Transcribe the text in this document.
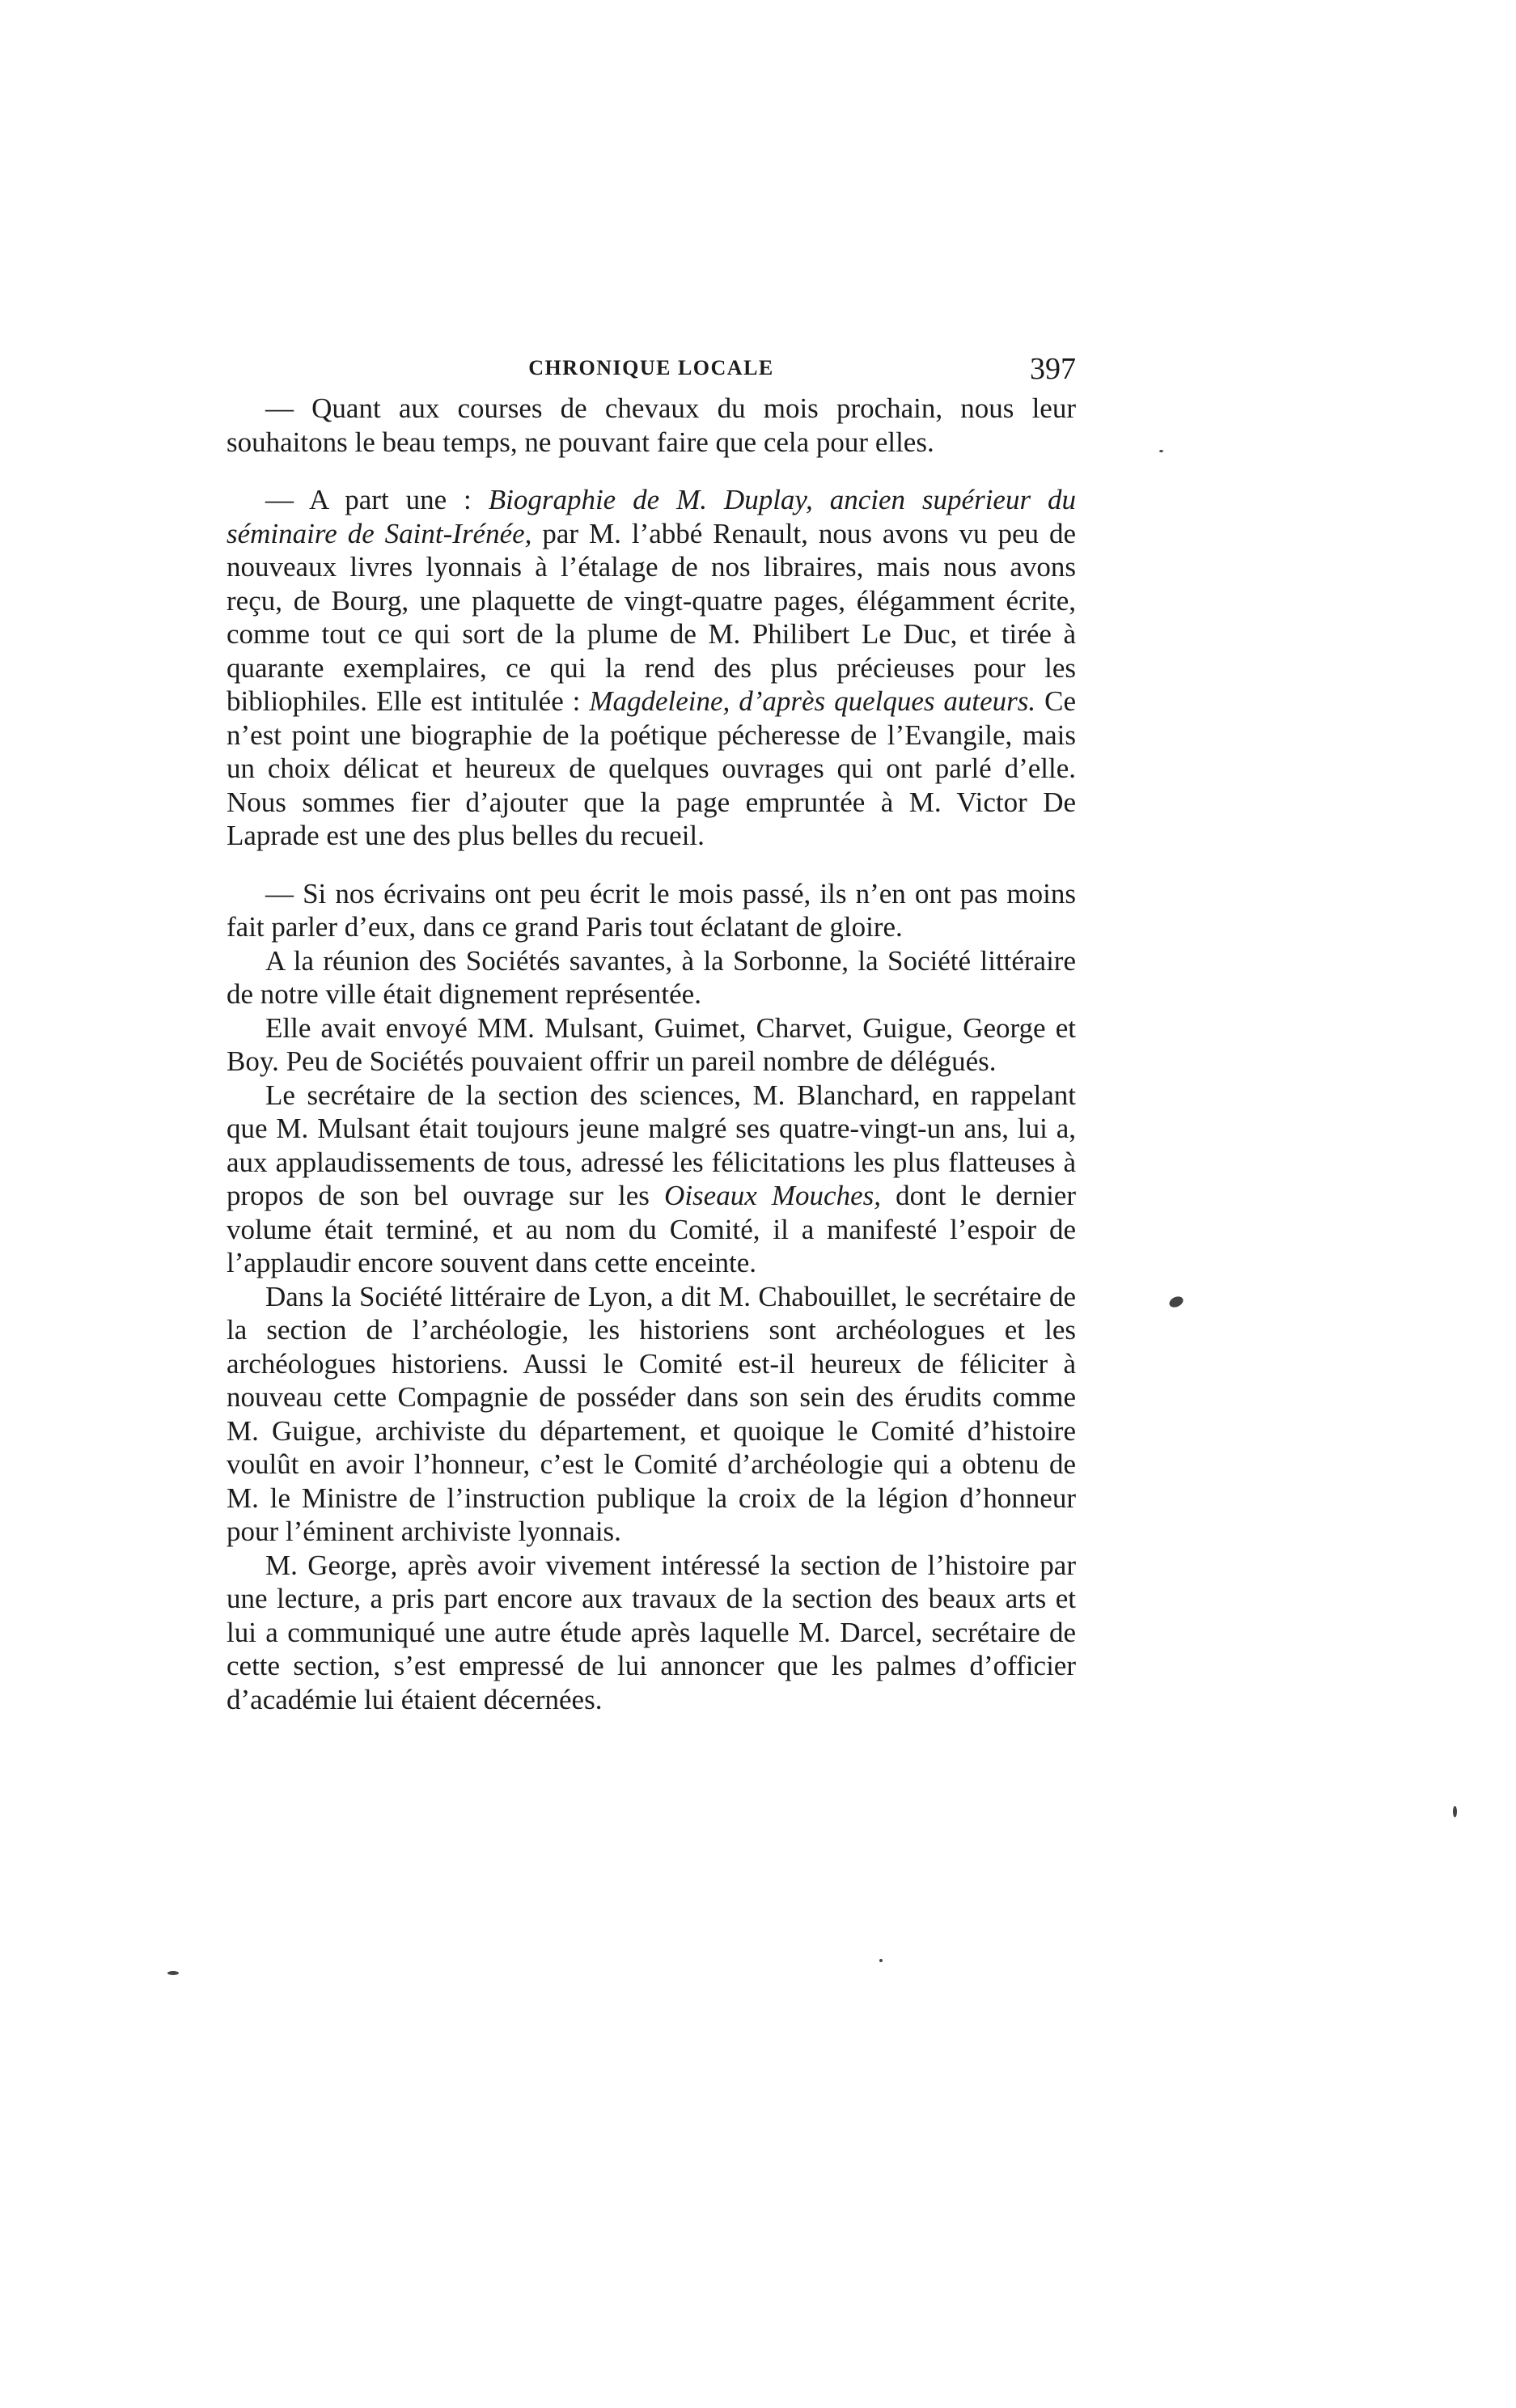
CHRONIQUE LOCALE	397

— Quant aux courses de chevaux du mois prochain, nous leur souhaitons le beau temps, ne pouvant faire que cela pour elles.

— A part une : Biographie de M. Duplay, ancien supérieur du séminaire de Saint-Irénée, par M. l’abbé Renault, nous avons vu peu de nouveaux livres lyonnais à l’étalage de nos libraires, mais nous avons reçu, de Bourg, une plaquette de vingt-quatre pages, élégamment écrite, comme tout ce qui sort de la plume de M. Philibert Le Duc, et tirée à quarante exemplaires, ce qui la rend des plus précieuses pour les bibliophiles. Elle est intitulée : Magdeleine, d’après quelques auteurs. Ce n’est point une biographie de la poétique pécheresse de l’Evangile, mais un choix délicat et heureux de quelques ouvrages qui ont parlé d’elle. Nous sommes fier d’ajouter que la page empruntée à M. Victor De Laprade est une des plus belles du recueil.

— Si nos écrivains ont peu écrit le mois passé, ils n’en ont pas moins fait parler d’eux, dans ce grand Paris tout éclatant de gloire.

A la réunion des Sociétés savantes, à la Sorbonne, la Société littéraire de notre ville était dignement représentée.

Elle avait envoyé MM. Mulsant, Guimet, Charvet, Guigue, George et Boy. Peu de Sociétés pouvaient offrir un pareil nombre de délégués.

Le secrétaire de la section des sciences, M. Blanchard, en rappelant que M. Mulsant était toujours jeune malgré ses quatre-vingt-un ans, lui a, aux applaudissements de tous, adressé les félicitations les plus flatteuses à propos de son bel ouvrage sur les Oiseaux Mouches, dont le dernier volume était terminé, et au nom du Comité, il a manifesté l’espoir de l’applaudir encore souvent dans cette enceinte.

Dans la Société littéraire de Lyon, a dit M. Chabouillet, le secrétaire de la section de l’archéologie, les historiens sont archéologues et les archéologues historiens. Aussi le Comité est-il heureux de féliciter à nouveau cette Compagnie de posséder dans son sein des érudits comme M. Guigue, archiviste du département, et quoique le Comité d’histoire voulût en avoir l’honneur, c’est le Comité d’archéologie qui a obtenu de M. le Ministre de l’instruction publique la croix de la légion d’honneur pour l’éminent archiviste lyonnais.

M. George, après avoir vivement intéressé la section de l’histoire par une lecture, a pris part encore aux travaux de la section des beaux arts et lui a communiqué une autre étude après laquelle M. Darcel, secrétaire de cette section, s’est empressé de lui annoncer que les palmes d’officier d’académie lui étaient décernées.
